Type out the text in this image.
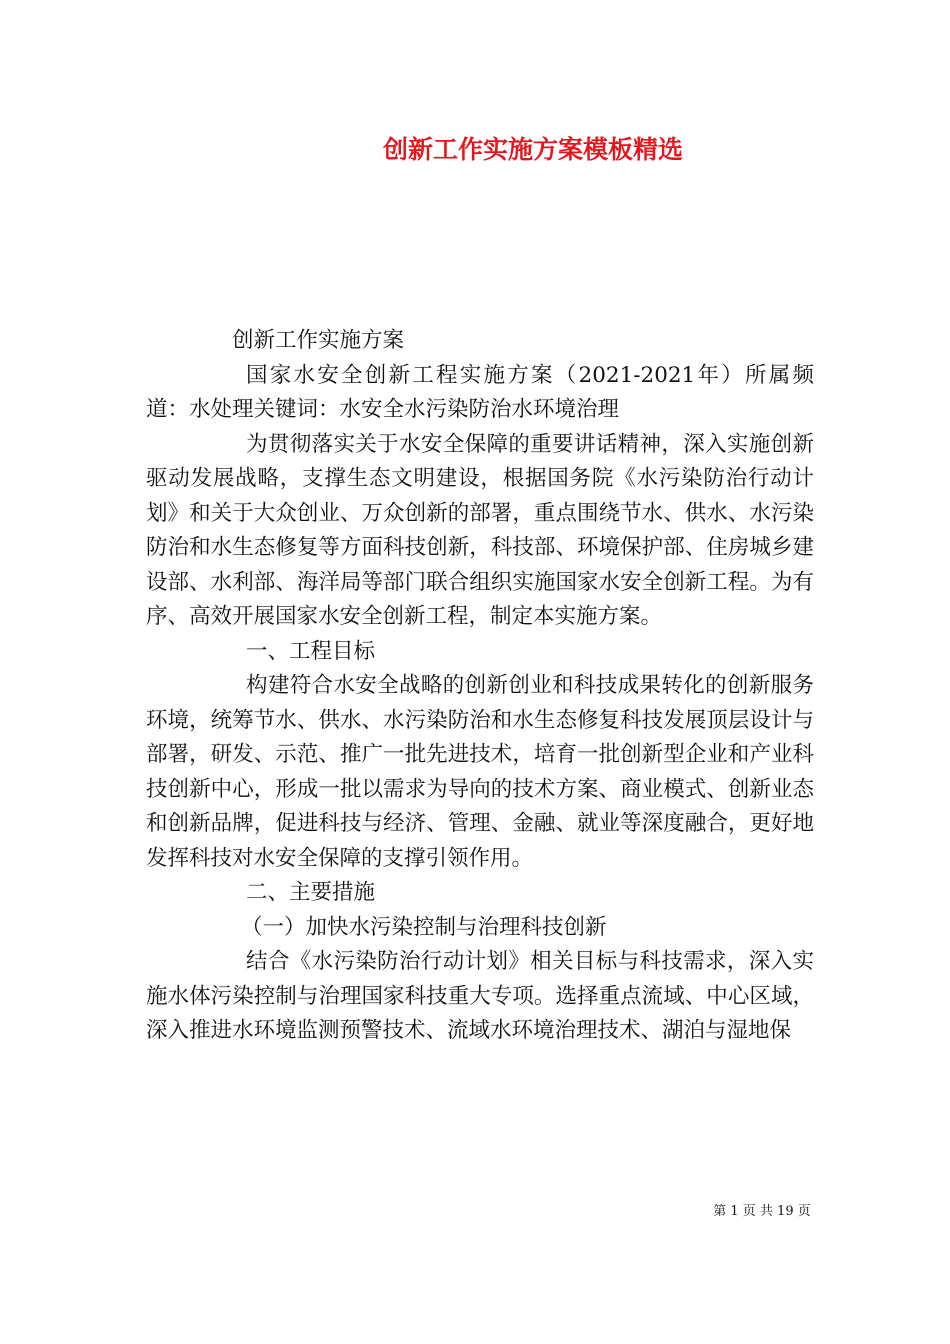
创新工作实施方案模板精选

创新工作实施方案

国家水安全创新工程实施方案（2021-2021年）所属频道：水处理关键词：水安全水污染防治水环境治理

为贯彻落实关于水安全保障的重要讲话精神，深入实施创新驱动发展战略，支撑生态文明建设，根据国务院《水污染防治行动计划》和关于大众创业、万众创新的部署，重点围绕节水、供水、水污染防治和水生态修复等方面科技创新，科技部、环境保护部、住房城乡建设部、水利部、海洋局等部门联合组织实施国家水安全创新工程。为有序、高效开展国家水安全创新工程，制定本实施方案。

一、工程目标

构建符合水安全战略的创新创业和科技成果转化的创新服务环境，统筹节水、供水、水污染防治和水生态修复科技发展顶层设计与部署，研发、示范、推广一批先进技术，培育一批创新型企业和产业科技创新中心，形成一批以需求为导向的技术方案、商业模式、创新业态和创新品牌，促进科技与经济、管理、金融、就业等深度融合，更好地发挥科技对水安全保障的支撑引领作用。

二、主要措施

（一）加快水污染控制与治理科技创新

结合《水污染防治行动计划》相关目标与科技需求，深入实施水体污染控制与治理国家科技重大专项。选择重点流域、中心区域，深入推进水环境监测预警技术、流域水环境治理技术、湖泊与湿地保

第 1 页 共 19 页
